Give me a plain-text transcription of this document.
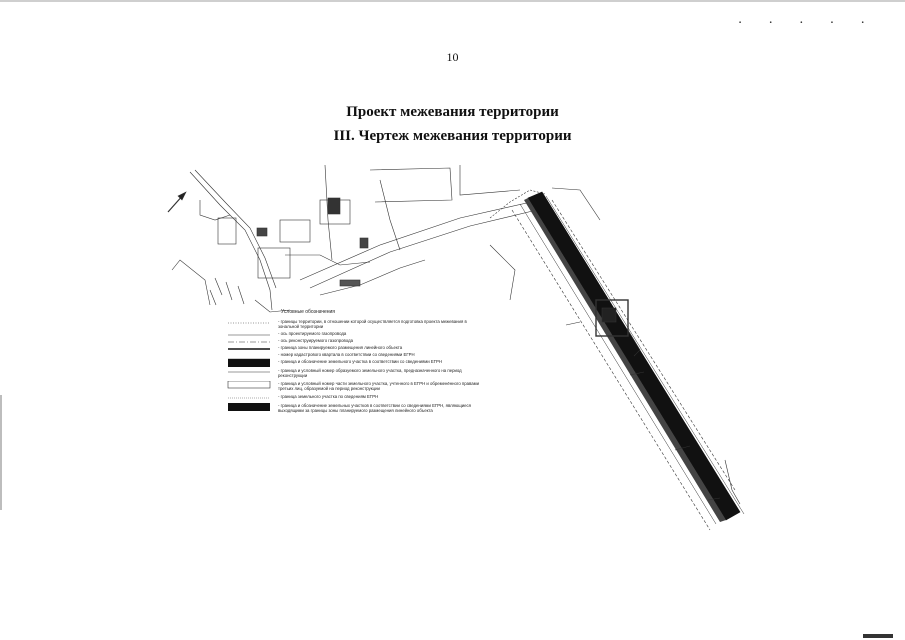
·····
10
Проект межевания территории
III. Чертеж межевания территории
Условные обозначения
- границы территории, в отношении которой осуществляется подготовка проекта межевания в зональной территории
- ось проектируемого газопровода
- ось реконструируемого газопровода
- граница зоны планируемого размещения линейного объекта
- номер кадастрового квартала в соответствии со сведениями ЕГРН
- граница и обозначение земельного участка в соответствии со сведениями ЕГРН
- граница и условный номер образуемого земельного участка, предназначенного на период реконструкции
- граница и условный номер части земельного участка, учтенного в ЕГРН и обременённого правами третьих лиц, образуемой на период реконструкции
- граница земельного участка по сведениям ЕГРН
- граница и обозначение земельных участков в соответствии со сведениями ЕГРН, являющиеся выходящими за границы зоны планируемого размещения линейного объекта
